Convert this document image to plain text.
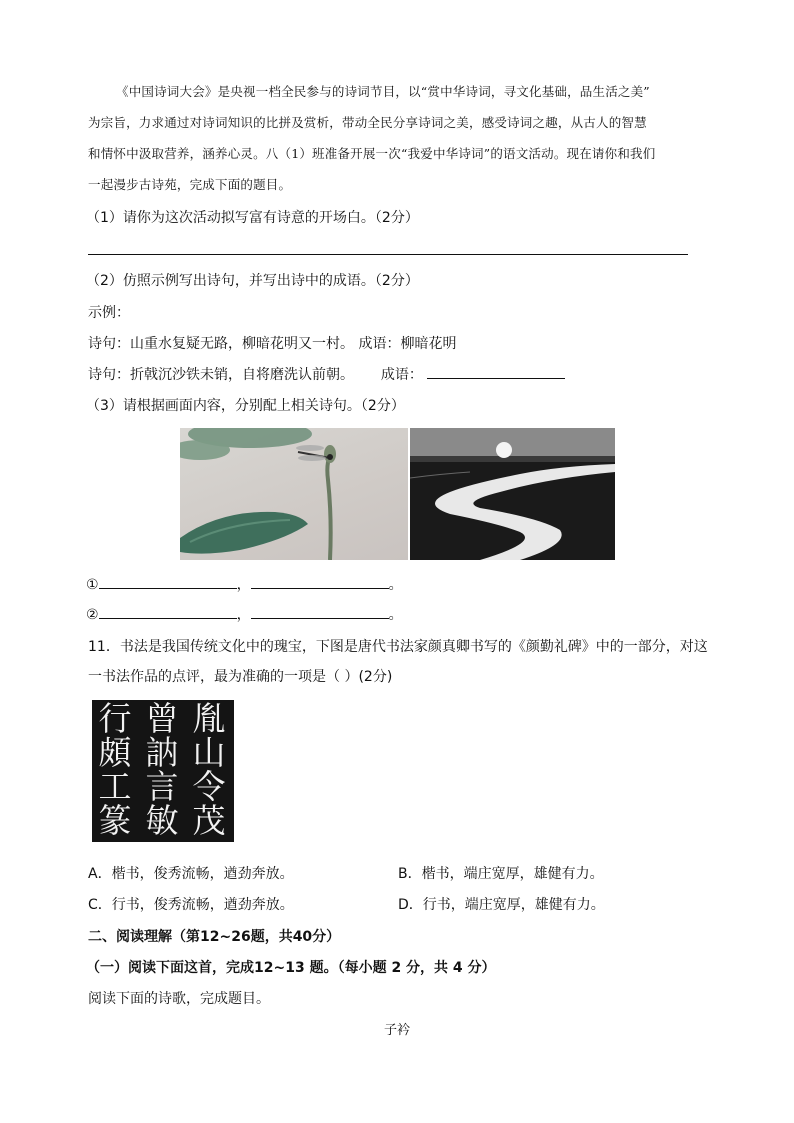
《中国诗词大会》是央视一档全民参与的诗词节目，以“赏中华诗词，寻文化基础，品生活之美”
为宗旨，力求通过对诗词知识的比拼及赏析，带动全民分享诗词之美，感受诗词之趣，从古人的智慧
和情怀中汲取营养，涵养心灵。八（1）班准备开展一次“我爱中华诗词”的语文活动。现在请你和我们
一起漫步古诗苑，完成下面的题目。
（1）请你为这次活动拟写富有诗意的开场白。（2分）
（2）仿照示例写出诗句，并写出诗中的成语。（2分）
示例：
诗句：山重水复疑无路，柳暗花明又一村。 成语：柳暗花明
诗句：折戟沉沙铁未销，自将磨洗认前朝。 成语：
（3）请根据画面内容，分别配上相关诗句。（2分）
①	，	。
②	，	。
11．书法是我国传统文化中的瑰宝，下图是唐代书法家颜真卿书写的《颜勤礼碑》中的一部分，对这
一书法作品的点评，最为准确的一项是（ ）(2分)
行
頗
工
篆
曾
訥
言
敏
胤
山
令
茂
A．楷书，俊秀流畅，遒劲奔放。	B．楷书，端庄宽厚，雄健有力。
C．行书，俊秀流畅，遒劲奔放。	D．行书，端庄宽厚，雄健有力。
二、阅读理解（第12~26题，共40分）
（一）阅读下面这首，完成12~13 题。（每小题 2 分，共 4 分）
阅读下面的诗歌，完成题目。
子衿
